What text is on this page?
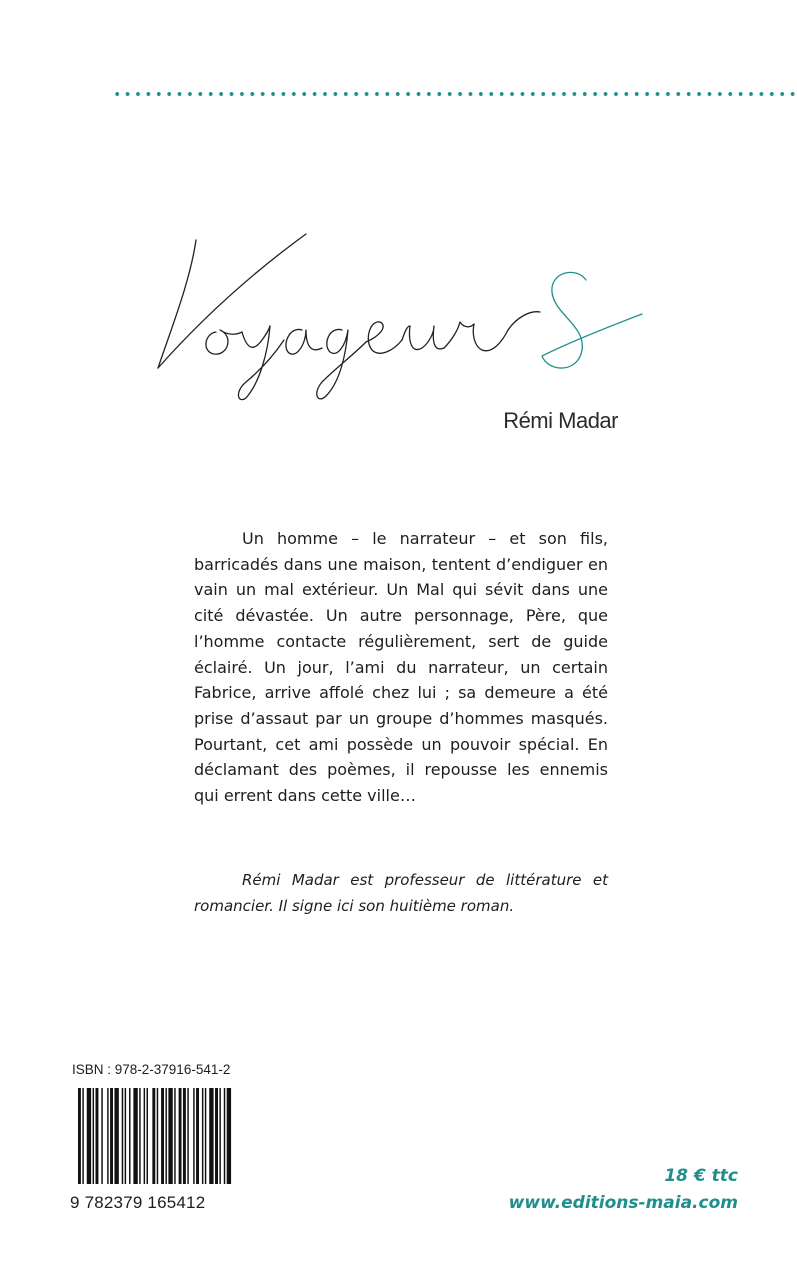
Rémi Madar

Un homme – le narrateur – et son fils, barricadés dans une maison, tentent d’endiguer en vain un mal extérieur. Un Mal qui sévit dans une cité dévastée. Un autre personnage, Père, que l’homme contacte régulièrement, sert de guide éclairé. Un jour, l’ami du narrateur, un certain Fabrice, arrive affolé chez lui ; sa demeure a été prise d’assaut par un groupe d’hommes masqués. Pourtant, cet ami possède un pouvoir spécial. En déclamant des poèmes, il repousse les ennemis qui errent dans cette ville…

Rémi Madar est professeur de littérature et romancier. Il signe ici son huitième roman.

ISBN : 978-2-37916-541-2
9 782379 165412
18 € ttc
www.editions-maia.com
